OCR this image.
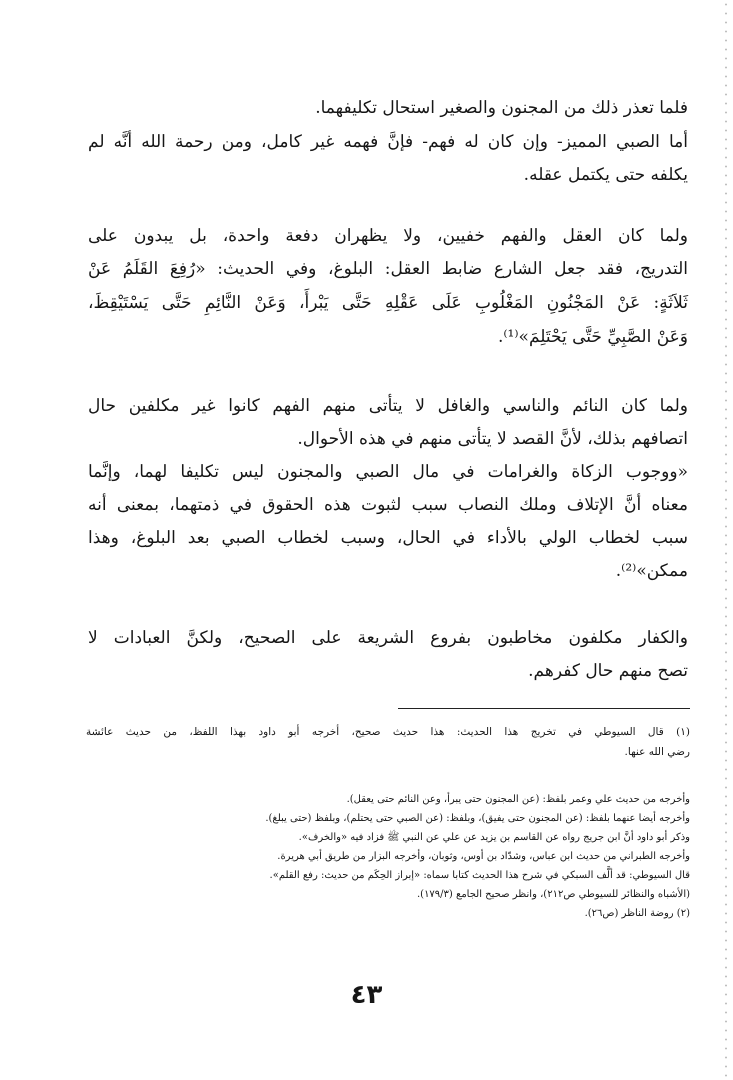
فلما تعذر ذلك من المجنون والصغير استحال تكليفهما.
أما الصبي المميز- وإن كان له فهم- فإنَّ فهمه غير كامل، ومن رحمة الله أنَّه لم
يكلفه حتى يكتمل عقله.
ولما كان العقل والفهم خفيين، ولا يظهران دفعة واحدة، بل يبدون على
التدريج، فقد جعل الشارع ضابط العقل: البلوغ، وفي الحديث: «رُفِعَ القَلَمُ عَنْ
ثَلاَثَةٍ: عَنْ المَجْنُونِ المَغْلُوبِ عَلَى عَقْلِهِ حَتَّى يَبْرأَ، وَعَنْ النَّائِمِ حَتَّى يَسْتَيْقِظَ،
وَعَنْ الصَّبِيِّ حَتَّى يَحْتَلِمَ»⁽¹⁾.
ولما كان النائم والناسي والغافل لا يتأتى منهم الفهم كانوا غير مكلفين حال
اتصافهم بذلك، لأنَّ القصد لا يتأتى منهم في هذه الأحوال.
«ووجوب الزكاة والغرامات في مال الصبي والمجنون ليس تكليفا لهما، وإنَّما
معناه أنَّ الإتلاف وملك النصاب سبب لثبوت هذه الحقوق في ذمتهما، بمعنى أنه
سبب لخطاب الولي بالأداء في الحال، وسبب لخطاب الصبي بعد البلوغ، وهذا
ممكن»⁽²⁾.
والكفار مكلفون مخاطبون بفروع الشريعة على الصحيح، ولكنَّ العبادات لا
تصح منهم حال كفرهم.
(١) قال السيوطي في تخريج هذا الحديث: هذا حديث صحيح، أخرجه أبو داود بهذا اللفظ، من حديث عائشة
رضي الله عنها.
وأخرجه من حديث علي وعمر بلفظ: (عن المجنون حتى يبرأ، وعن النائم حتى يعقل).
وأخرجه أيضا عنهما بلفظ: (عن المجنون حتى يفيق)، وبلفظ: (عن الصبي حتى يحتلم)، وبلفظ (حتى يبلغ).
وذكر أبو داود أنَّ ابن جريج رواه عن القاسم بن يزيد عن علي عن النبي ﷺ فزاد فيه «والخرف».
وأخرجه الطبراني من حديث ابن عباس، وشدّاد بن أوس، وثوبان، وأخرجه البزار من طريق أبي هريرة.
قال السيوطي: قد ألَّف السبكي في شرح هذا الحديث كتابا سماه: «إبراز الحِكَم من حديث: رفع القلم».
(الأشباه والنظائر للسيوطي ص٢١٢)، وانظر صحيح الجامع (١٧٩/٣).
(٢) روضة الناظر (ص٢٦).
٤٣
